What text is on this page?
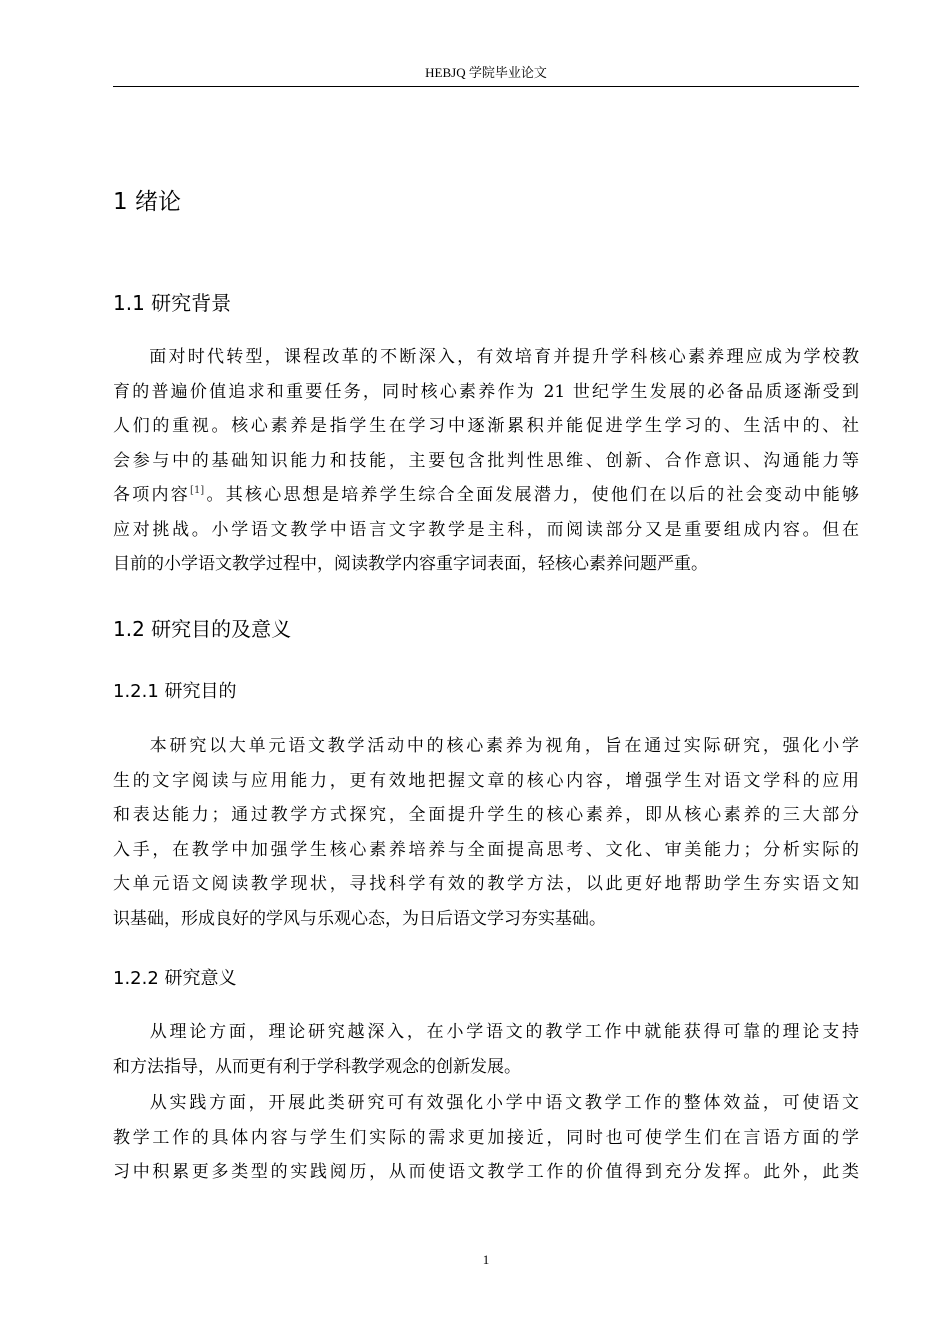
HEBJQ 学院毕业论文
1 绪论
1.1 研究背景
面对时代转型，课程改革的不断深入，有效培育并提升学科核心素养理应成为学校教
育的普遍价值追求和重要任务，同时核心素养作为 21 世纪学生发展的必备品质逐渐受到
人们的重视。核心素养是指学生在学习中逐渐累积并能促进学生学习的、生活中的、社
会参与中的基础知识能力和技能，主要包含批判性思维、创新、合作意识、沟通能力等
各项内容[1]。其核心思想是培养学生综合全面发展潜力，使他们在以后的社会变动中能够
应对挑战。小学语文教学中语言文字教学是主科，而阅读部分又是重要组成内容。但在
目前的小学语文教学过程中，阅读教学内容重字词表面，轻核心素养问题严重。
1.2 研究目的及意义
1.2.1 研究目的
本研究以大单元语文教学活动中的核心素养为视角，旨在通过实际研究，强化小学
生的文字阅读与应用能力，更有效地把握文章的核心内容，增强学生对语文学科的应用
和表达能力；通过教学方式探究，全面提升学生的核心素养，即从核心素养的三大部分
入手，在教学中加强学生核心素养培养与全面提高思考、文化、审美能力；分析实际的
大单元语文阅读教学现状，寻找科学有效的教学方法，以此更好地帮助学生夯实语文知
识基础，形成良好的学风与乐观心态，为日后语文学习夯实基础。
1.2.2 研究意义
从理论方面，理论研究越深入，在小学语文的教学工作中就能获得可靠的理论支持
和方法指导，从而更有利于学科教学观念的创新发展。
从实践方面，开展此类研究可有效强化小学中语文教学工作的整体效益，可使语文
教学工作的具体内容与学生们实际的需求更加接近，同时也可使学生们在言语方面的学
习中积累更多类型的实践阅历，从而使语文教学工作的价值得到充分发挥。此外，此类
1
